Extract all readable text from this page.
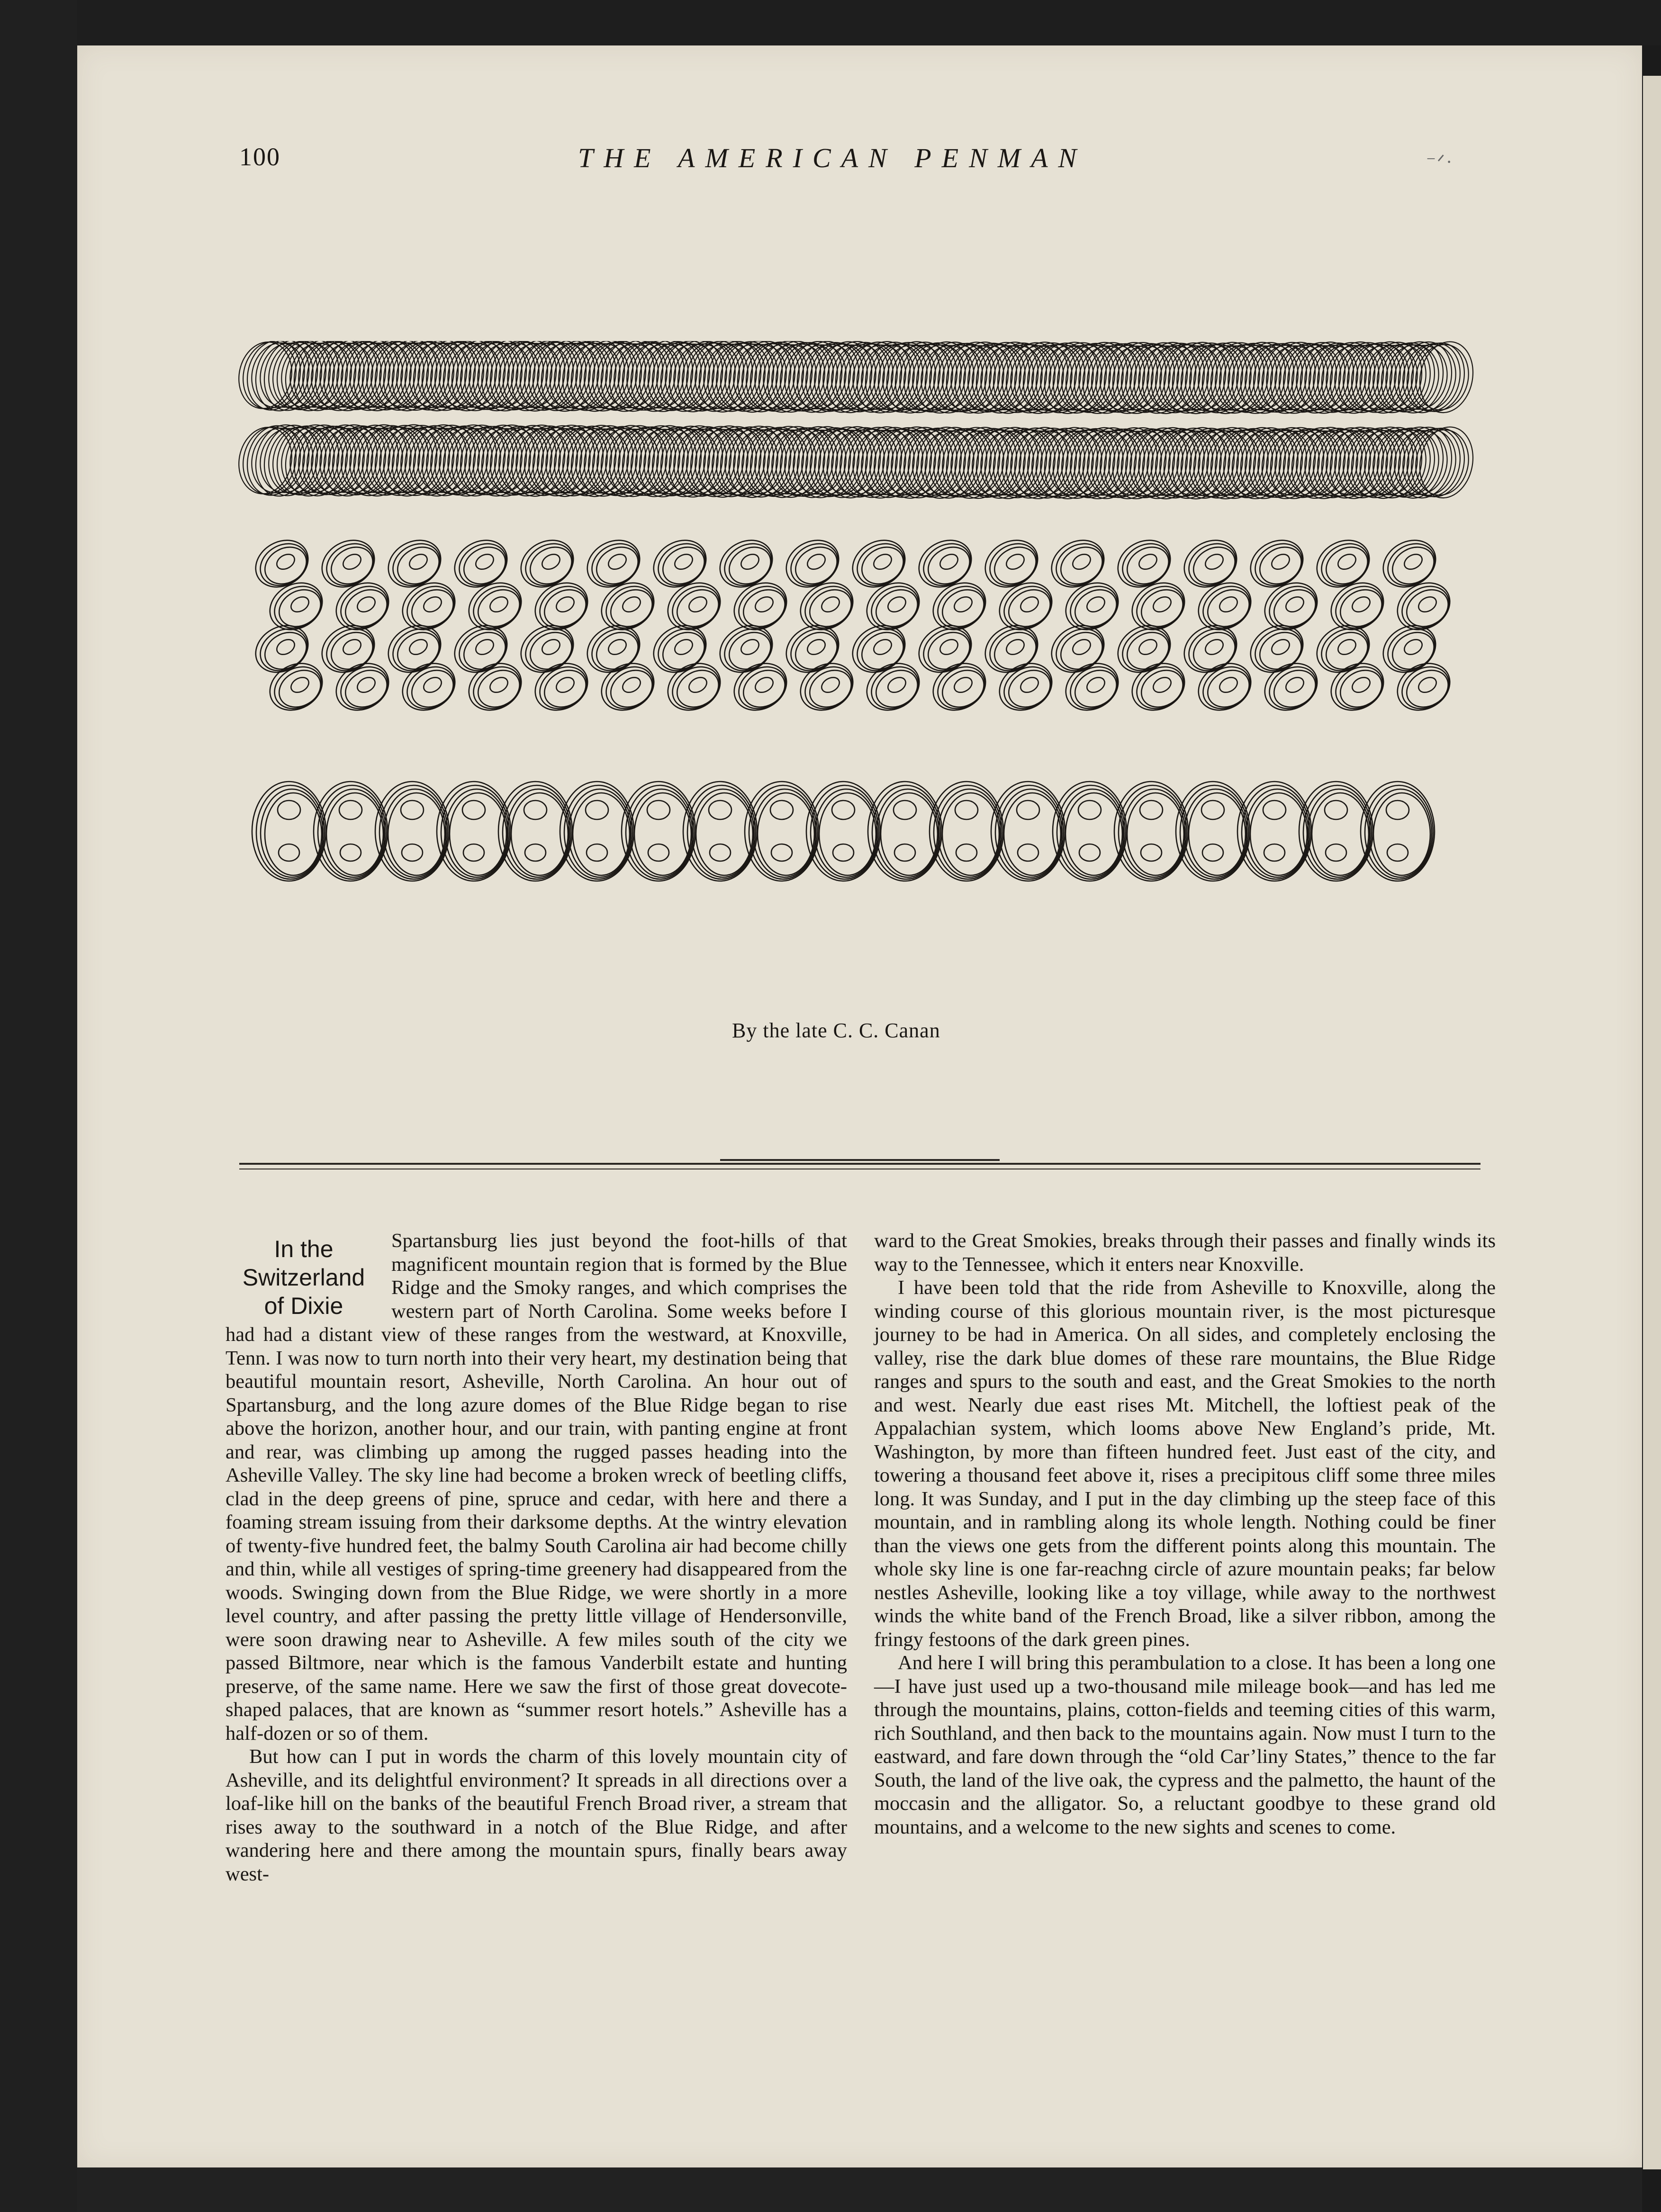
100	THE AMERICAN PENMAN	⁻ᐟ·
By the late C. C. Canan
In the
Switzerland
of Dixie

Spartansburg lies just beyond the foot-hills of that magnificent mountain region that is formed by the Blue Ridge and the Smoky ranges, and which comprises the western part of North Carolina. Some weeks before I had had a distant view of these ranges from the westward, at Knoxville, Tenn. I was now to turn north into their very heart, my destination being that beautiful mountain resort, Asheville, North Carolina. An hour out of Spartansburg, and the long azure domes of the Blue Ridge began to rise above the horizon, another hour, and our train, with panting engine at front and rear, was climbing up among the rugged passes heading into the Asheville Valley. The sky line had become a broken wreck of beetling cliffs, clad in the deep greens of pine, spruce and cedar, with here and there a foaming stream issuing from their darksome depths. At the wintry elevation of twenty-five hundred feet, the balmy South Carolina air had become chilly and thin, while all vestiges of spring-time greenery had disappeared from the woods. Swinging down from the Blue Ridge, we were shortly in a more level country, and after passing the pretty little village of Hendersonville, were soon drawing near to Asheville. A few miles south of the city we passed Biltmore, near which is the famous Vanderbilt estate and hunting preserve, of the same name. Here we saw the first of those great dovecote-shaped palaces, that are known as “summer resort hotels.” Asheville has a half-dozen or so of them.

But how can I put in words the charm of this lovely mountain city of Asheville, and its delightful environment? It spreads in all directions over a loaf-like hill on the banks of the beautiful French Broad river, a stream that rises away to the southward in a notch of the Blue Ridge, and after wandering here and there among the mountain spurs, finally bears away west-

ward to the Great Smokies, breaks through their passes and finally winds its way to the Tennessee, which it enters near Knoxville.

I have been told that the ride from Asheville to Knoxville, along the winding course of this glorious mountain river, is the most picturesque journey to be had in America. On all sides, and completely enclosing the valley, rise the dark blue domes of these rare mountains, the Blue Ridge ranges and spurs to the south and east, and the Great Smokies to the north and west. Nearly due east rises Mt. Mitchell, the loftiest peak of the Appalachian system, which looms above New England’s pride, Mt. Washington, by more than fifteen hundred feet. Just east of the city, and towering a thousand feet above it, rises a precipitous cliff some three miles long. It was Sunday, and I put in the day climbing up the steep face of this mountain, and in rambling along its whole length. Nothing could be finer than the views one gets from the different points along this mountain. The whole sky line is one far-reachng circle of azure mountain peaks; far below nestles Asheville, looking like a toy village, while away to the northwest winds the white band of the French Broad, like a silver ribbon, among the fringy festoons of the dark green pines.

And here I will bring this perambulation to a close. It has been a long one—I have just used up a two-thousand mile mileage book—and has led me through the mountains, plains, cotton-fields and teeming cities of this warm, rich Southland, and then back to the mountains again. Now must I turn to the eastward, and fare down through the “old Car’liny States,” thence to the far South, the land of the live oak, the cypress and the palmetto, the haunt of the moccasin and the alligator. So, a reluctant goodbye to these grand old mountains, and a welcome to the new sights and scenes to come.
